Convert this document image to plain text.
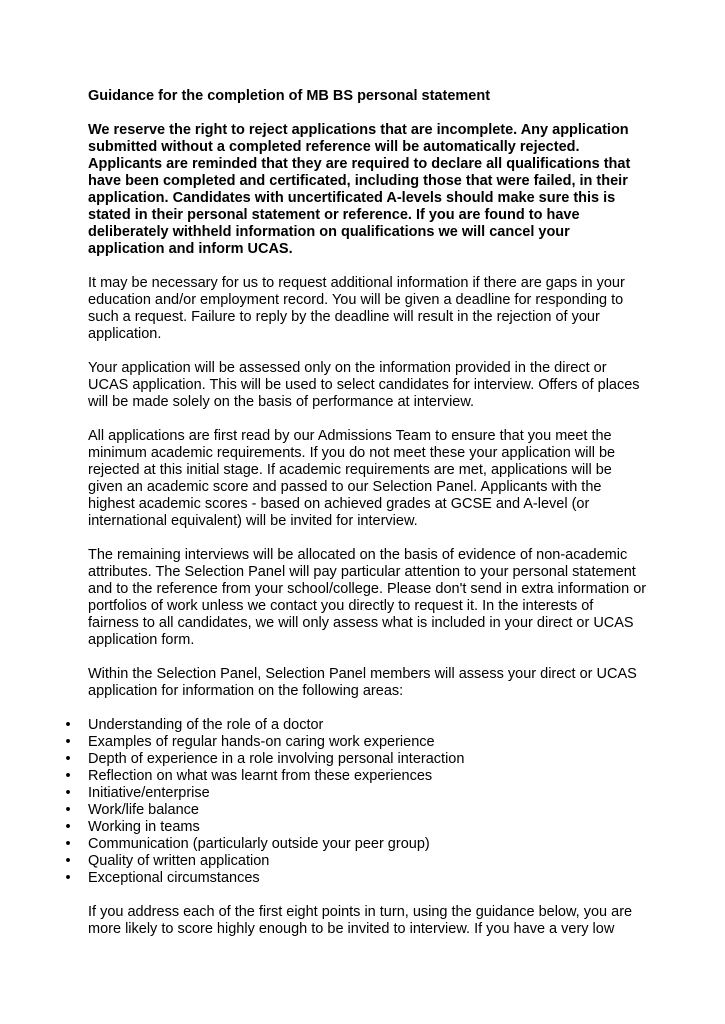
Guidance for the completion of MB BS personal statement

We reserve the right to reject applications that are incomplete. Any application submitted without a completed reference will be automatically rejected. Applicants are reminded that they are required to declare all qualifications that have been completed and certificated, including those that were failed, in their application. Candidates with uncertificated A-levels should make sure this is stated in their personal statement or reference. If you are found to have deliberately withheld information on qualifications we will cancel your application and inform UCAS.

It may be necessary for us to request additional information if there are gaps in your education and/or employment record. You will be given a deadline for responding to such a request. Failure to reply by the deadline will result in the rejection of your application.

Your application will be assessed only on the information provided in the direct or UCAS application. This will be used to select candidates for interview. Offers of places will be made solely on the basis of performance at interview.

All applications are first read by our Admissions Team to ensure that you meet the minimum academic requirements. If you do not meet these your application will be rejected at this initial stage. If academic requirements are met, applications will be given an academic score and passed to our Selection Panel. Applicants with the highest academic scores - based on achieved grades at GCSE and A-level (or international equivalent) will be invited for interview.

The remaining interviews will be allocated on the basis of evidence of non-academic attributes. The Selection Panel will pay particular attention to your personal statement and to the reference from your school/college. Please don't send in extra information or portfolios of work unless we contact you directly to request it. In the interests of fairness to all candidates, we will only assess what is included in your direct or UCAS application form.

Within the Selection Panel, Selection Panel members will assess your direct or UCAS application for information on the following areas:

• Understanding of the role of a doctor
• Examples of regular hands-on caring work experience
• Depth of experience in a role involving personal interaction
• Reflection on what was learnt from these experiences
• Initiative/enterprise
• Work/life balance
• Working in teams
• Communication (particularly outside your peer group)
• Quality of written application
• Exceptional circumstances

If you address each of the first eight points in turn, using the guidance below, you are more likely to score highly enough to be invited to interview. If you have a very low
